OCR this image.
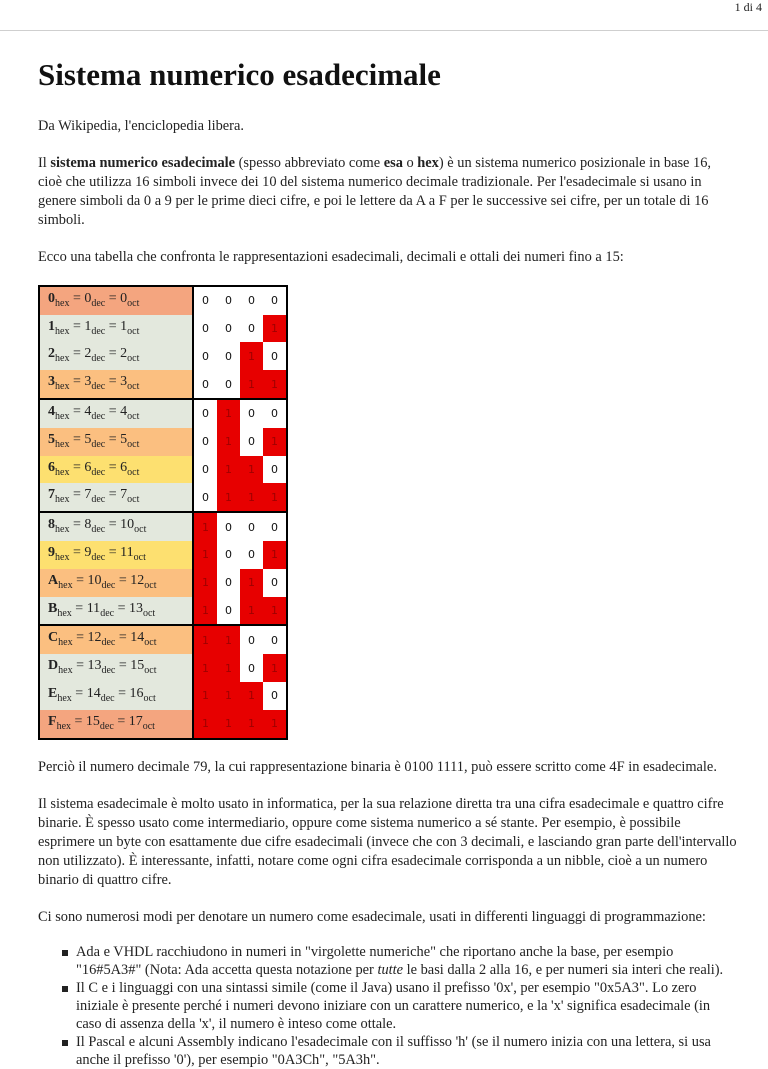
1 di 4
Sistema numerico esadecimale

Da Wikipedia, l'enciclopedia libera.

Il sistema numerico esadecimale (spesso abbreviato come esa o hex) è un sistema numerico posizionale in base 16, cioè che utilizza 16 simboli invece dei 10 del sistema numerico decimale tradizionale. Per l'esadecimale si usano in genere simboli da 0 a 9 per le prime dieci cifre, e poi le lettere da A a F per le successive sei cifre, per un totale di 16 simboli.

Ecco una tabella che confronta le rappresentazioni esadecimali, decimali e ottali dei numeri fino a 15:

$0_{hex} = 0_{dec} = 0_{oct}$	0	0	0	0
$1_{hex} = 1_{dec} = 1_{oct}$	0	0	0	1
$2_{hex} = 2_{dec} = 2_{oct}$	0	0	1	0
$3_{hex} = 3_{dec} = 3_{oct}$	0	0	1	1
$4_{hex} = 4_{dec} = 4_{oct}$	0	1	0	0
$5_{hex} = 5_{dec} = 5_{oct}$	0	1	0	1
$6_{hex} = 6_{dec} = 6_{oct}$	0	1	1	0
$7_{hex} = 7_{dec} = 7_{oct}$	0	1	1	1
$8_{hex} = 8_{dec} = 10_{oct}$	1	0	0	0
$9_{hex} = 9_{dec} = 11_{oct}$	1	0	0	1
$A_{hex} = 10_{dec} = 12_{oct}$	1	0	1	0
$B_{hex} = 11_{dec} = 13_{oct}$	1	0	1	1
$C_{hex} = 12_{dec} = 14_{oct}$	1	1	0	0
$D_{hex} = 13_{dec} = 15_{oct}$	1	1	0	1
$E_{hex} = 14_{dec} = 16_{oct}$	1	1	1	0
$F_{hex} = 15_{dec} = 17_{oct}$	1	1	1	1

Perciò il numero decimale 79, la cui rappresentazione binaria è 0100 1111, può essere scritto come 4F in esadecimale.

Il sistema esadecimale è molto usato in informatica, per la sua relazione diretta tra una cifra esadecimale e quattro cifre binarie. È spesso usato come intermediario, oppure come sistema numerico a sé stante. Per esempio, è possibile esprimere un byte con esattamente due cifre esadecimali (invece che con 3 decimali, e lasciando gran parte dell'intervallo non utilizzato). È interessante, infatti, notare come ogni cifra esadecimale corrisponda a un nibble, cioè a un numero binario di quattro cifre.

Ci sono numerosi modi per denotare un numero come esadecimale, usati in differenti linguaggi di programmazione:

Ada e VHDL racchiudono in numeri in "virgolette numeriche" che riportano anche la base, per esempio "16#5A3#" (Nota: Ada accetta questa notazione per tutte le basi dalla 2 alla 16, e per numeri sia interi che reali).
Il C e i linguaggi con una sintassi simile (come il Java) usano il prefisso '0x', per esempio "0x5A3". Lo zero iniziale è presente perché i numeri devono iniziare con un carattere numerico, e la 'x' significa esadecimale (in caso di assenza della 'x', il numero è inteso come ottale.
Il Pascal e alcuni Assembly indicano l'esadecimale con il suffisso 'h' (se il numero inizia con una lettera, si usa anche il prefisso '0'), per esempio "0A3Ch", "5A3h".
